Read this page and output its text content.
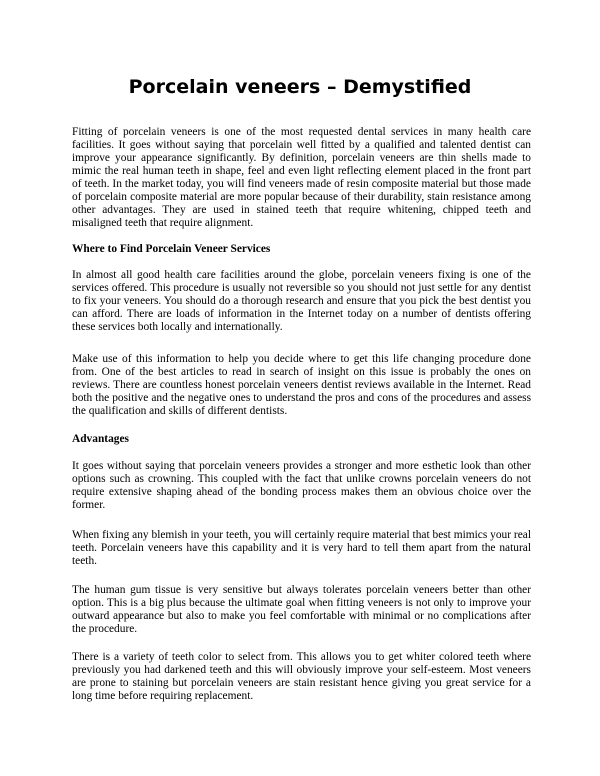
Porcelain veneers – Demystified

Fitting of porcelain veneers is one of the most requested dental services in many health care facilities. It goes without saying that porcelain well fitted by a qualified and talented dentist can improve your appearance significantly. By definition, porcelain veneers are thin shells made to mimic the real human teeth in shape, feel and even light reflecting element placed in the front part of teeth. In the market today, you will find veneers made of resin composite material but those made of porcelain composite material are more popular because of their durability, stain resistance among other advantages. They are used in stained teeth that require whitening, chipped teeth and misaligned teeth that require alignment.

Where to Find Porcelain Veneer Services

In almost all good health care facilities around the globe, porcelain veneers fixing is one of the services offered. This procedure is usually not reversible so you should not just settle for any dentist to fix your veneers. You should do a thorough research and ensure that you pick the best dentist you can afford. There are loads of information in the Internet today on a number of dentists offering these services both locally and internationally.

Make use of this information to help you decide where to get this life changing procedure done from. One of the best articles to read in search of insight on this issue is probably the ones on reviews. There are countless honest porcelain veneers dentist reviews available in the Internet. Read both the positive and the negative ones to understand the pros and cons of the procedures and assess the qualification and skills of different dentists.

Advantages

It goes without saying that porcelain veneers provides a stronger and more esthetic look than other options such as crowning. This coupled with the fact that unlike crowns porcelain veneers do not require extensive shaping ahead of the bonding process makes them an obvious choice over the former.

When fixing any blemish in your teeth, you will certainly require material that best mimics your real teeth. Porcelain veneers have this capability and it is very hard to tell them apart from the natural teeth.

The human gum tissue is very sensitive but always tolerates porcelain veneers better than other option. This is a big plus because the ultimate goal when fitting veneers is not only to improve your outward appearance but also to make you feel comfortable with minimal or no complications after the procedure.

There is a variety of teeth color to select from. This allows you to get whiter colored teeth where previously you had darkened teeth and this will obviously improve your self-esteem. Most veneers are prone to staining but porcelain veneers are stain resistant hence giving you great service for a long time before requiring replacement.
